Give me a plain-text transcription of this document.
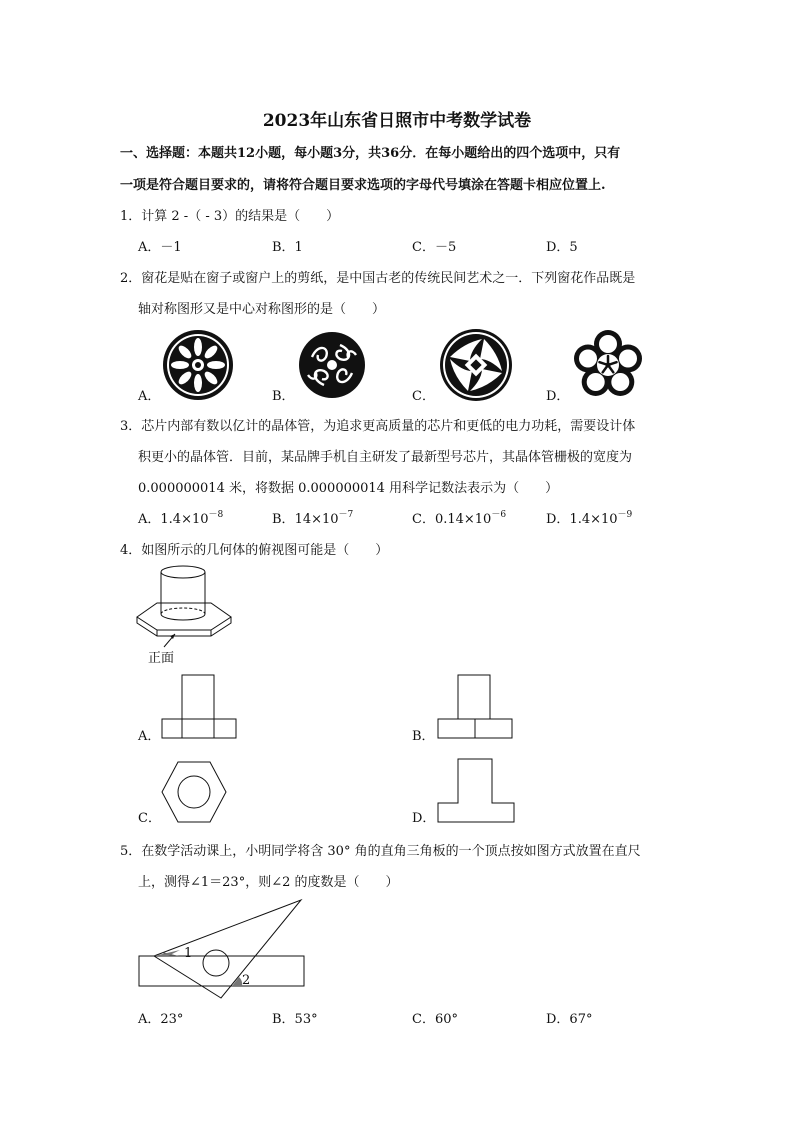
2023年山东省日照市中考数学试卷
一、选择题：本题共12小题，每小题3分，共36分．在每小题给出的四个选项中，只有
一项是符合题目要求的，请将符合题目要求选项的字母代号填涂在答题卡相应位置上.
1．计算 2 -（ - 3）的结果是（　　）
A．－1	B．1	C．－5	D．5
2．窗花是贴在窗子或窗户上的剪纸，是中国古老的传统民间艺术之一．下列窗花作品既是
轴对称图形又是中心对称图形的是（　　）
A．	B．	C．	D．
3．芯片内部有数以亿计的晶体管，为追求更高质量的芯片和更低的电力功耗，需要设计体
积更小的晶体管．目前，某品牌手机自主研发了最新型号芯片，其晶体管栅极的宽度为
0.000000014 米，将数据 0.000000014 用科学记数法表示为（　　）
A．$1.4\times 10^{-8}$	B．$14\times 10^{-7}$	C．$0.14\times 10^{-6}$	D．$1.4\times 10^{-9}$
4．如图所示的几何体的俯视图可能是（　　）
正面
A．	B．
C．	D．
5．在数学活动课上，小明同学将含 30° 角的直角三角板的一个顶点按如图方式放置在直尺
上，测得∠1＝23°，则∠2 的度数是（　　）
1
2
A．23°	B．53°	C．60°	D．67°
